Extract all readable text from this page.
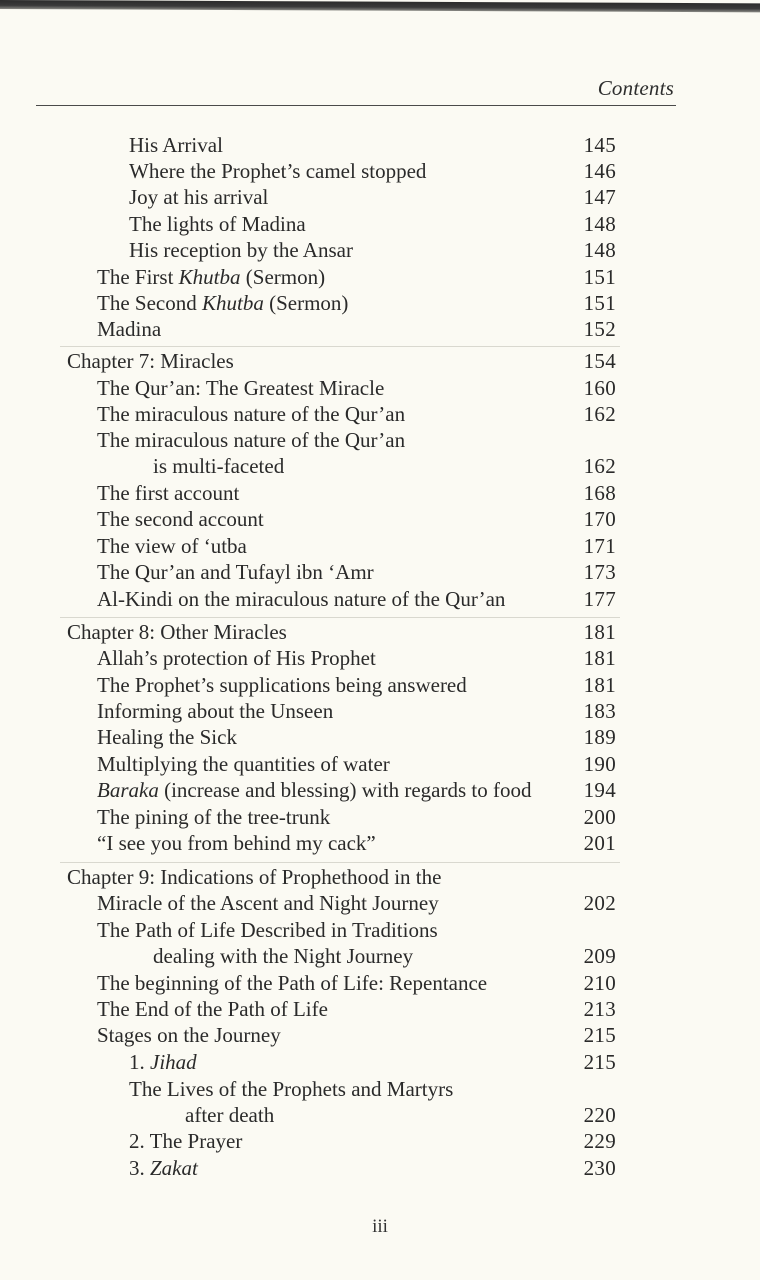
Contents
His Arrival	145
Where the Prophet’s camel stopped	146
Joy at his arrival	147
The lights of Madina	148
His reception by the Ansar	148
The First Khutba (Sermon)	151
The Second Khutba (Sermon)	151
Madina	152
Chapter 7: Miracles	154
The Qur’an: The Greatest Miracle	160
The miraculous nature of the Qur’an	162
The miraculous nature of the Qur’an
is multi-faceted	162
The first account	168
The second account	170
The view of ‘utba	171
The Qur’an and Tufayl ibn ‘Amr	173
Al-Kindi on the miraculous nature of the Qur’an	177
Chapter 8: Other Miracles	181
Allah’s protection of His Prophet	181
The Prophet’s supplications being answered	181
Informing about the Unseen	183
Healing the Sick	189
Multiplying the quantities of water	190
Baraka (increase and blessing) with regards to food 194
The pining of the tree-trunk	200
“I see you from behind my cack”	201
Chapter 9: Indications of Prophethood in the
Miracle of the Ascent and Night Journey	202
The Path of Life Described in Traditions
dealing with the Night Journey	209
The beginning of the Path of Life: Repentance	210
The End of the Path of Life	213
Stages on the Journey	215
1. Jihad	215
The Lives of the Prophets and Martyrs
after death	220
2. The Prayer	229
3. Zakat	230
iii
